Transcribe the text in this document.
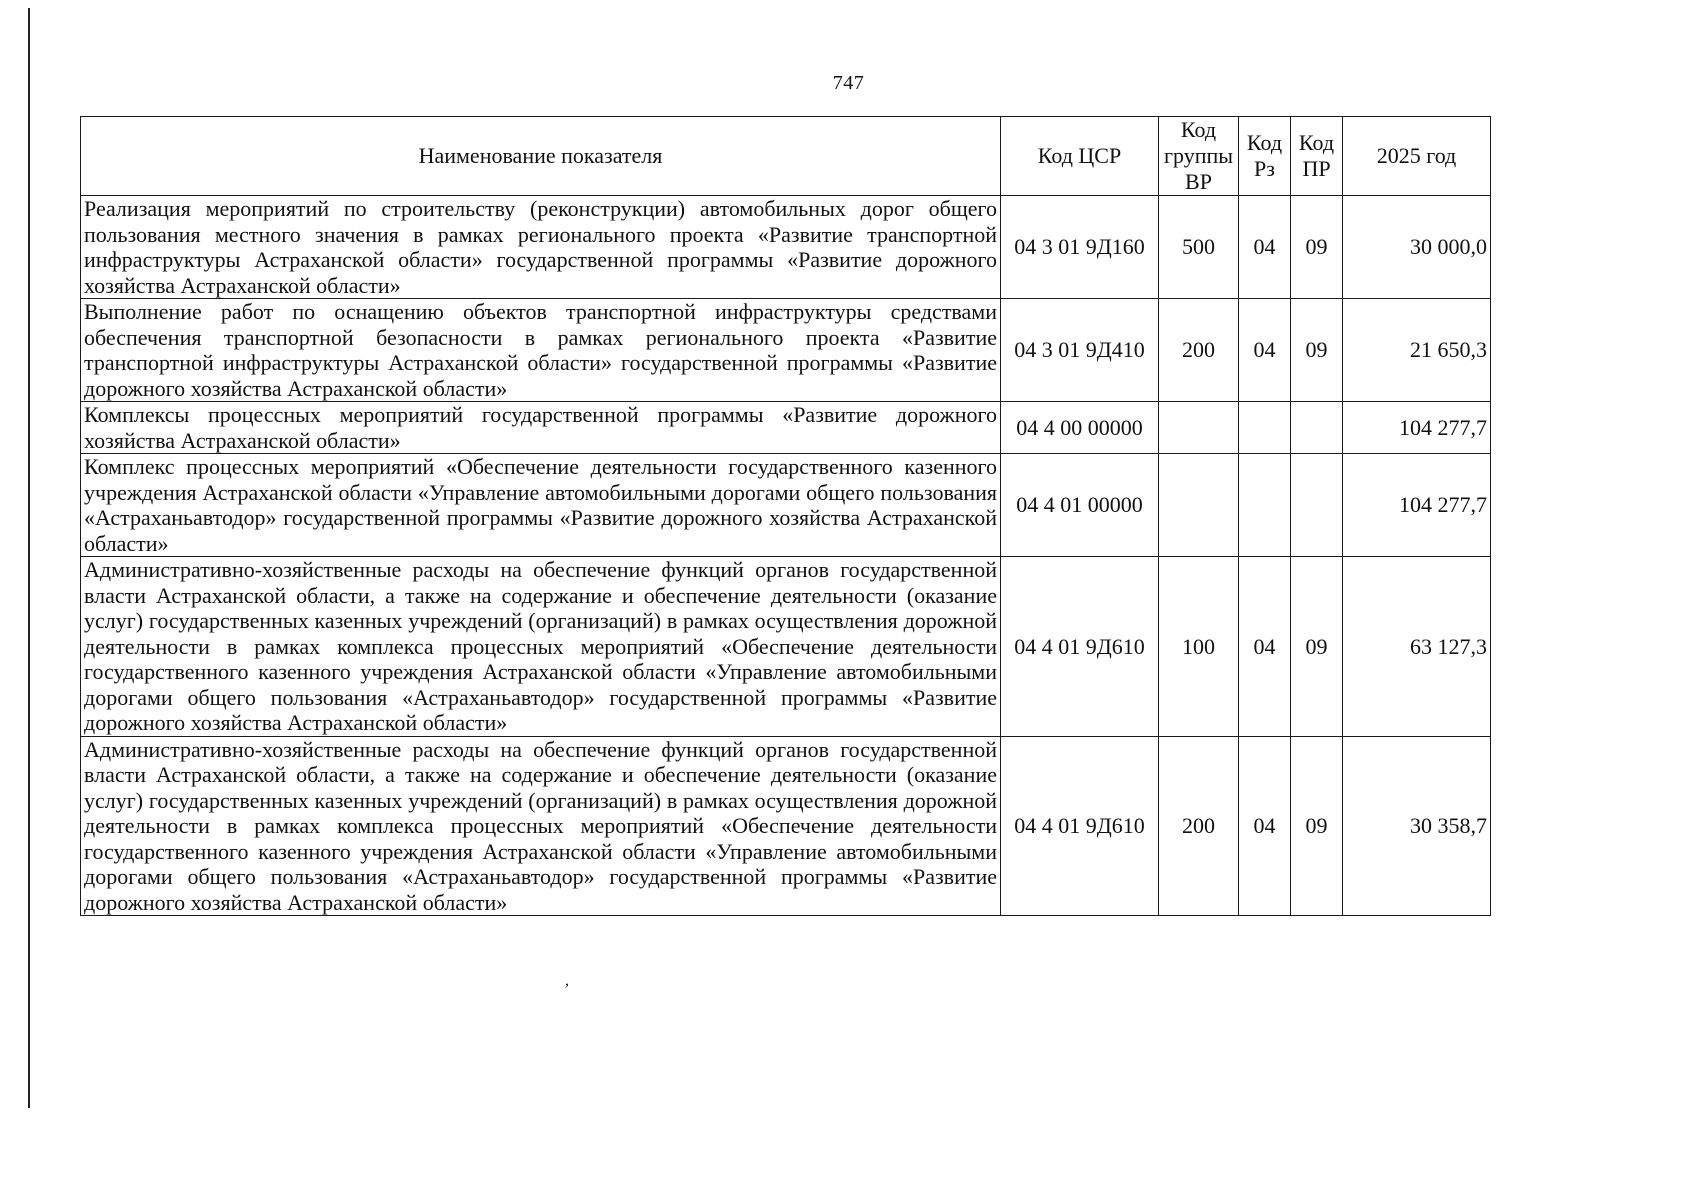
747
Наименование показателя	Код ЦСР	Код группы ВР	Код Рз	Код ПР	2025 год
Реализация мероприятий по строительству (реконструкции) автомобильных дорог общего пользования местного значения в рамках регионального проекта «Развитие транспортной инфраструктуры Астраханской области» государственной программы «Развитие дорожного хозяйства Астраханской области»	04 3 01 9Д160	500	04	09	30 000,0
Выполнение работ по оснащению объектов транспортной инфраструктуры средствами обеспечения транспортной безопасности в рамках регионального проекта «Развитие транспортной инфраструктуры Астраханской области» государственной программы «Развитие дорожного хозяйства Астраханской области»	04 3 01 9Д410	200	04	09	21 650,3
Комплексы процессных мероприятий государственной программы «Развитие дорожного хозяйства Астраханской области»	04 4 00 00000				104 277,7
Комплекс процессных мероприятий «Обеспечение деятельности государственного казенного учреждения Астраханской области «Управление автомобильными дорогами общего пользования «Астраханьавтодор» государственной программы «Развитие дорожного хозяйства Астраханской области»	04 4 01 00000				104 277,7
Административно-хозяйственные расходы на обеспечение функций органов государственной власти Астраханской области, а также на содержание и обеспечение деятельности (оказание услуг) государственных казенных учреждений (организаций) в рамках осуществления дорожной деятельности в рамках комплекса процессных мероприятий «Обеспечение деятельности государственного казенного учреждения Астраханской области «Управление автомобильными дорогами общего пользования «Астраханьавтодор» государственной программы «Развитие дорожного хозяйства Астраханской области»	04 4 01 9Д610	100	04	09	63 127,3
Административно-хозяйственные расходы на обеспечение функций органов государственной власти Астраханской области, а также на содержание и обеспечение деятельности (оказание услуг) государственных казенных учреждений (организаций) в рамках осуществления дорожной деятельности в рамках комплекса процессных мероприятий «Обеспечение деятельности государственного казенного учреждения Астраханской области «Управление автомобильными дорогами общего пользования «Астраханьавтодор» государственной программы «Развитие дорожного хозяйства Астраханской области»	04 4 01 9Д610	200	04	09	30 358,7
,
